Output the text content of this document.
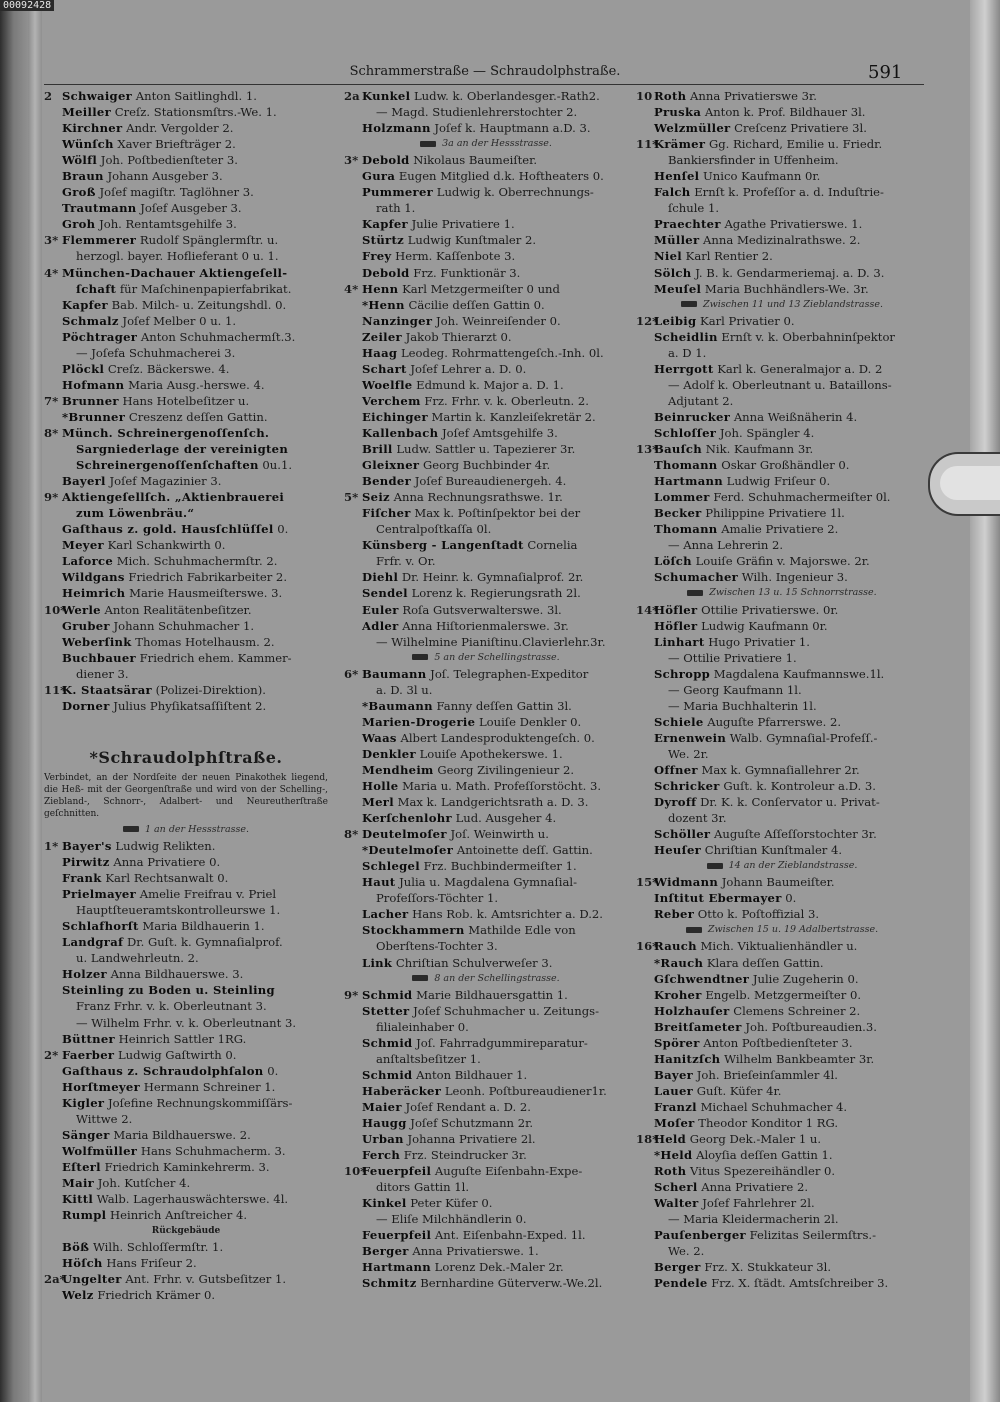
00092428
Schrammerstraße — Schraudolphstraße.	591
2 Schwaiger Anton Saitlinghdl. 1.
Meiller Creſz. Stationsmſtrs.-We. 1.
Kirchner Andr. Vergolder 2.
Wünſch Xaver Briefträger 2.
Wölfl Joh. Poſtbedienſteter 3.
Braun Johann Ausgeber 3.
Groß Joſef magiſtr. Taglöhner 3.
Trautmann Joſef Ausgeber 3.
Groh Joh. Rentamtsgehilfe 3.
3* Flemmerer Rudolf Spänglermſtr. u.
herzogl. bayer. Hoflieferant 0 u. 1.
4* München-Dachauer Aktiengeſell-
ſchaft für Maſchinenpapierfabrikat.
Kapfer Bab. Milch- u. Zeitungshdl. 0.
Schmalz Joſef Melber 0 u. 1.
Pöchtrager Anton Schuhmachermſt.3.
— Joſefa Schuhmacherei 3.
Plöckl Creſz. Bäckerswe. 4.
Hofmann Maria Ausg.-herswe. 4.
7* Brunner Hans Hotelbeſitzer u.
*Brunner Creszenz deſſen Gattin.
8* Münch. Schreinergenoſſenſch.
Sargniederlage der vereinigten
Schreinergenoſſenſchaften 0u.1.
Bayerl Joſef Magazinier 3.
9* Aktiengeſellſch. „Aktienbrauerei
zum Löwenbräu.“
Gaſthaus z. gold. Hausſchlüſſel 0.
Meyer Karl Schankwirth 0.
Laforce Mich. Schuhmachermſtr. 2.
Wildgans Friedrich Fabrikarbeiter 2.
Heimrich Marie Hausmeiſterswe. 3.
10*Werle Anton Realitätenbeſitzer.
Gruber Johann Schuhmacher 1.
Weberſink Thomas Hotelhausm. 2.
Buchbauer Friedrich ehem. Kammer-
diener 3.
11*K. Staatsärar (Polizei-Direktion).
Dorner Julius Phyſikatsaſſiſtent 2.
*Schraudolphſtraße.
Verbindet, an der Nordſeite der neuen Pinakothek liegend, die Heß- mit der Georgenſtraße und wird von der Schelling-, Ziebland-, Schnorr-, Adalbert- und Neureutherſtraße geſchnitten.
1 an der Hessstrasse.
1* Bayer's Ludwig Relikten.
Pirwitz Anna Privatiere 0.
Frank Karl Rechtsanwalt 0.
Prielmayer Amelie Freifrau v. Priel
Hauptſteueramtskontrolleurswe 1.
Schlafhorſt Maria Bildhauerin 1.
Landgraf Dr. Guſt. k. Gymnaſialprof.
u. Landwehrleutn. 2.
Holzer Anna Bildhauerswe. 3.
Steinling zu Boden u. Steinling
Franz Frhr. v. k. Oberleutnant 3.
— Wilhelm Frhr. v. k. Oberleutnant 3.
Büttner Heinrich Sattler 1RG.
2* Faerber Ludwig Gaſtwirth 0.
Gaſthaus z. Schraudolphſalon 0.
Horſtmeyer Hermann Schreiner 1.
Kigler Joſefine Rechnungskommiſſärs-
Wittwe 2.
Sänger Maria Bildhauerswe. 2.
Wolfmüller Hans Schuhmacherm. 3.
Eſterl Friedrich Kaminkehrerm. 3.
Mair Joh. Kutſcher 4.
Kittl Walb. Lagerhauswächterswe. 4l.
Rumpl Heinrich Anſtreicher 4.
Rückgebäude
Böß Wilh. Schloſſermſtr. 1.
Höſch Hans Friſeur 2.
2a*Ungelter Ant. Frhr. v. Gutsbeſitzer 1.
Welz Friedrich Krämer 0.
2a Kunkel Ludw. k. Oberlandesger.-Rath2.
— Magd. Studienlehrerstochter 2.
Holzmann Joſef k. Hauptmann a.D. 3.
3a an der Hessstrasse.
3* Debold Nikolaus Baumeiſter.
Gura Eugen Mitglied d.k. Hoftheaters 0.
Pummerer Ludwig k. Oberrechnungs-
rath 1.
Kapfer Julie Privatiere 1.
Stürtz Ludwig Kunſtmaler 2.
Frey Herm. Kaſſenbote 3.
Debold Frz. Funktionär 3.
4* Henn Karl Metzgermeiſter 0 und
*Henn Cäcilie deſſen Gattin 0.
Nanzinger Joh. Weinreiſender 0.
Zeiler Jakob Thierarzt 0.
Haag Leodeg. Rohrmattengeſch.-Inh. 0l.
Schart Joſef Lehrer a. D. 0.
Woelfle Edmund k. Major a. D. 1.
Verchem Frz. Frhr. v. k. Oberleutn. 2.
Eichinger Martin k. Kanzleiſekretär 2.
Kallenbach Joſef Amtsgehilfe 3.
Brill Ludw. Sattler u. Tapezierer 3r.
Gleixner Georg Buchbinder 4r.
Bender Joſef Bureaudienergeh. 4.
5* Seiz Anna Rechnungsrathswe. 1r.
Fiſcher Max k. Poſtinſpektor bei der
Centralpoſtkaſſa 0l.
Künsberg - Langenſtadt Cornelia
Frfr. v. Or.
Diehl Dr. Heinr. k. Gymnaſialprof. 2r.
Sendel Lorenz k. Regierungsrath 2l.
Euler Roſa Gutsverwalterswe. 3l.
Adler Anna Hiſtorienmalerswe. 3r.
— Wilhelmine Pianiſtinu.Clavierlehr.3r.
5 an der Schellingstrasse.
6* Baumann Joſ. Telegraphen-Expeditor
a. D. 3l u.
*Baumann Fanny deſſen Gattin 3l.
Marien-Drogerie Louiſe Denkler 0.
Waas Albert Landesproduktengeſch. 0.
Denkler Louiſe Apothekerswe. 1.
Mendheim Georg Zivilingenieur 2.
Holle Maria u. Math. Profeſſorstöcht. 3.
Merl Max k. Landgerichtsrath a. D. 3.
Kerſchenlohr Lud. Ausgeher 4.
8* Deutelmoſer Joſ. Weinwirth u.
*Deutelmoſer Antoinette deſſ. Gattin.
Schlegel Frz. Buchbindermeiſter 1.
Haut Julia u. Magdalena Gymnaſial-
Profeſſors-Töchter 1.
Lacher Hans Rob. k. Amtsrichter a. D.2.
Stockhammern Mathilde Edle von
Oberſtens-Tochter 3.
Link Chriſtian Schulverweſer 3.
8 an der Schellingstrasse.
9* Schmid Marie Bildhauersgattin 1.
Stetter Joſef Schuhmacher u. Zeitungs-
filialeinhaber 0.
Schmid Joſ. Fahrradgummireparatur-
anſtaltsbeſitzer 1.
Schmid Anton Bildhauer 1.
Haberäcker Leonh. Poſtbureaudiener1r.
Maier Joſef Rendant a. D. 2.
Haugg Joſef Schutzmann 2r.
Urban Johanna Privatiere 2l.
Ferch Frz. Steindrucker 3r.
10*Feuerpfeil Auguſte Eiſenbahn-Expe-
ditors Gattin 1l.
Kinkel Peter Küfer 0.
— Eliſe Milchhändlerin 0.
Feuerpfeil Ant. Eiſenbahn-Exped. 1l.
Berger Anna Privatierswe. 1.
Hartmann Lorenz Dek.-Maler 2r.
Schmitz Bernhardine Güterverw.-We.2l.
10 Roth Anna Privatierswe 3r.
Pruska Anton k. Prof. Bildhauer 3l.
Welzmüller Creſcenz Privatiere 3l.
11*Krämer Gg. Richard, Emilie u. Friedr.
Bankiersfinder in Uffenheim.
Henſel Unico Kaufmann 0r.
Falch Ernſt k. Profeſſor a. d. Induſtrie-
ſchule 1.
Praechter Agathe Privatierswe. 1.
Müller Anna Medizinalrathswe. 2.
Niel Karl Rentier 2.
Sölch J. B. k. Gendarmeriemaj. a. D. 3.
Meuſel Maria Buchhändlers-We. 3r.
Zwischen 11 und 13 Zieblandstrasse.
12*Leibig Karl Privatier 0.
Scheidlin Ernſt v. k. Oberbahninſpektor
a. D 1.
Herrgott Karl k. Generalmajor a. D. 2
— Adolf k. Oberleutnant u. Bataillons-
Adjutant 2.
Beinrucker Anna Weißnäherin 4.
Schloſſer Joh. Spängler 4.
13*Bauſch Nik. Kaufmann 3r.
Thomann Oskar Großhändler 0.
Hartmann Ludwig Friſeur 0.
Lommer Ferd. Schuhmachermeiſter 0l.
Becker Philippine Privatiere 1l.
Thomann Amalie Privatiere 2.
— Anna Lehrerin 2.
Löſch Louiſe Gräfin v. Majorswe. 2r.
Schumacher Wilh. Ingenieur 3.
Zwischen 13 u. 15 Schnorrstrasse.
14*Höfler Ottilie Privatierswe. 0r.
Höfler Ludwig Kaufmann 0r.
Linhart Hugo Privatier 1.
— Ottilie Privatiere 1.
Schropp Magdalena Kaufmannswe.1l.
— Georg Kaufmann 1l.
— Maria Buchhalterin 1l.
Schiele Auguſte Pfarrerswe. 2.
Ernenwein Walb. Gymnaſial-Profeſſ.-
We. 2r.
Offner Max k. Gymnaſiallehrer 2r.
Schricker Guſt. k. Kontroleur a.D. 3.
Dyroff Dr. K. k. Conſervator u. Privat-
dozent 3r.
Schöller Auguſte Aſſeſſorstochter 3r.
Heuſer Chriſtian Kunſtmaler 4.
14 an der Zieblandstrasse.
15*Widmann Johann Baumeiſter.
Inſtitut Ebermayer 0.
Reber Otto k. Poſtoffizial 3.
Zwischen 15 u. 19 Adalbertstrasse.
16*Rauch Mich. Viktualienhändler u.
*Rauch Klara deſſen Gattin.
Gſchwendtner Julie Zugeherin 0.
Kroher Engelb. Metzgermeiſter 0.
Holzhauſer Clemens Schreiner 2.
Breitſameter Joh. Poſtbureaudien.3.
Spörer Anton Poſtbedienſteter 3.
Hanitzſch Wilhelm Bankbeamter 3r.
Bayer Joh. Brieſeinſammler 4l.
Lauer Guſt. Küfer 4r.
Franzl Michael Schuhmacher 4.
Moſer Theodor Konditor 1 RG.
18*Held Georg Dek.-Maler 1 u.
*Held Aloyſia deſſen Gattin 1.
Roth Vitus Spezereihändler 0.
Scherl Anna Privatiere 2.
Walter Joſef Fahrlehrer 2l.
— Maria Kleidermacherin 2l.
Pauſenberger Felizitas Seilermſtrs.-
We. 2.
Berger Frz. X. Stukkateur 3l.
Pendele Frz. X. ſtädt. Amtsſchreiber 3.
